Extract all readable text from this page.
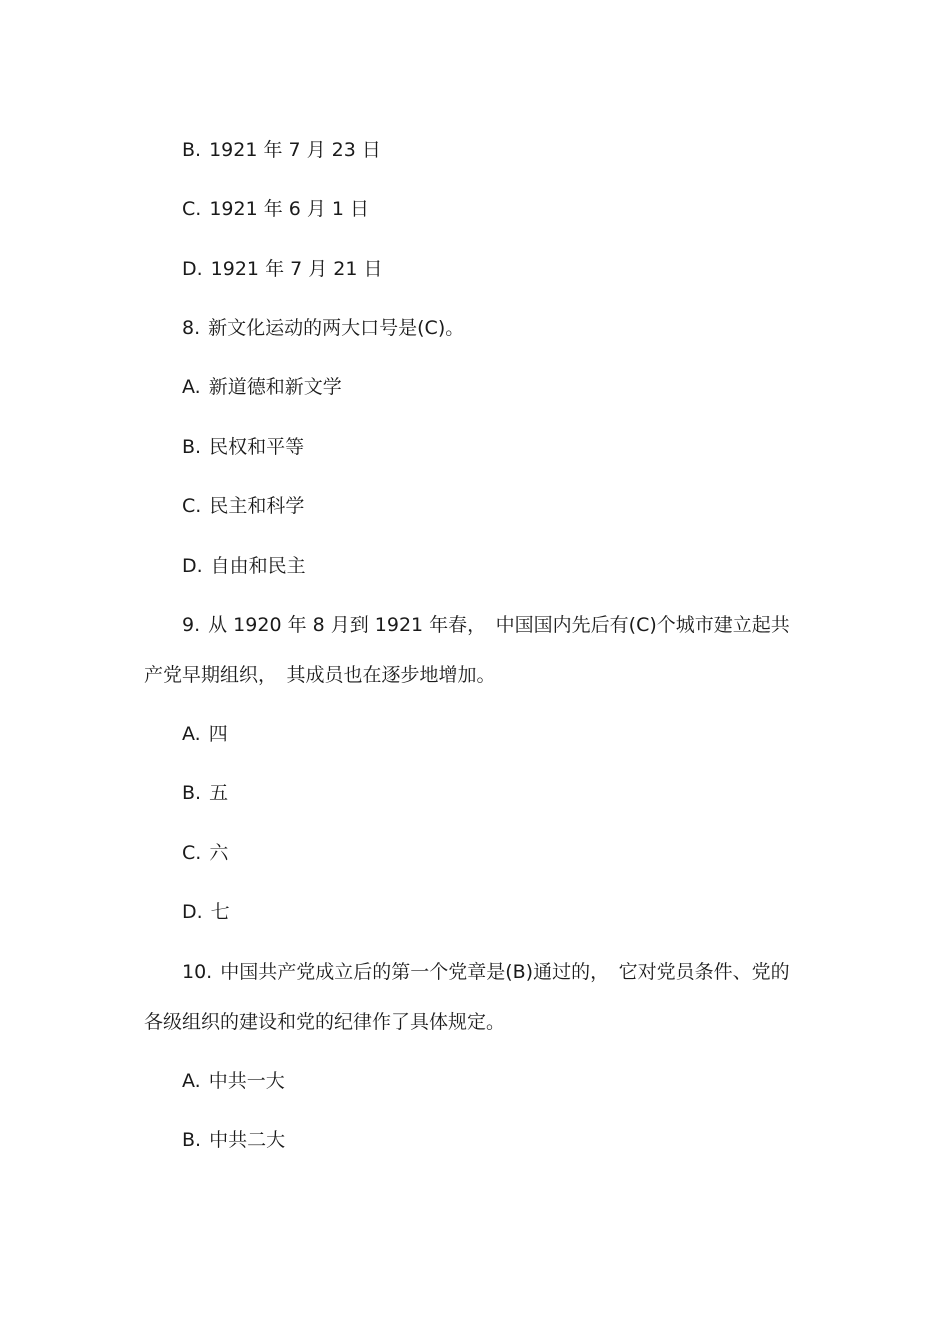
B. 1921 年 7 月 23 日
C. 1921 年 6 月 1 日
D. 1921 年 7 月 21 日
8. 新文化运动的两大口号是(C)。
A. 新道德和新文学
B. 民权和平等
C. 民主和科学
D. 自由和民主
9. 从 1920 年 8 月到 1921 年春，　中国国内先后有(C)个城市建立起共
产党早期组织，　其成员也在逐步地增加。
A. 四
B. 五
C. 六
D. 七
10. 中国共产党成立后的第一个党章是(B)通过的，　它对党员条件、党的
各级组织的建设和党的纪律作了具体规定。
A. 中共一大
B. 中共二大
